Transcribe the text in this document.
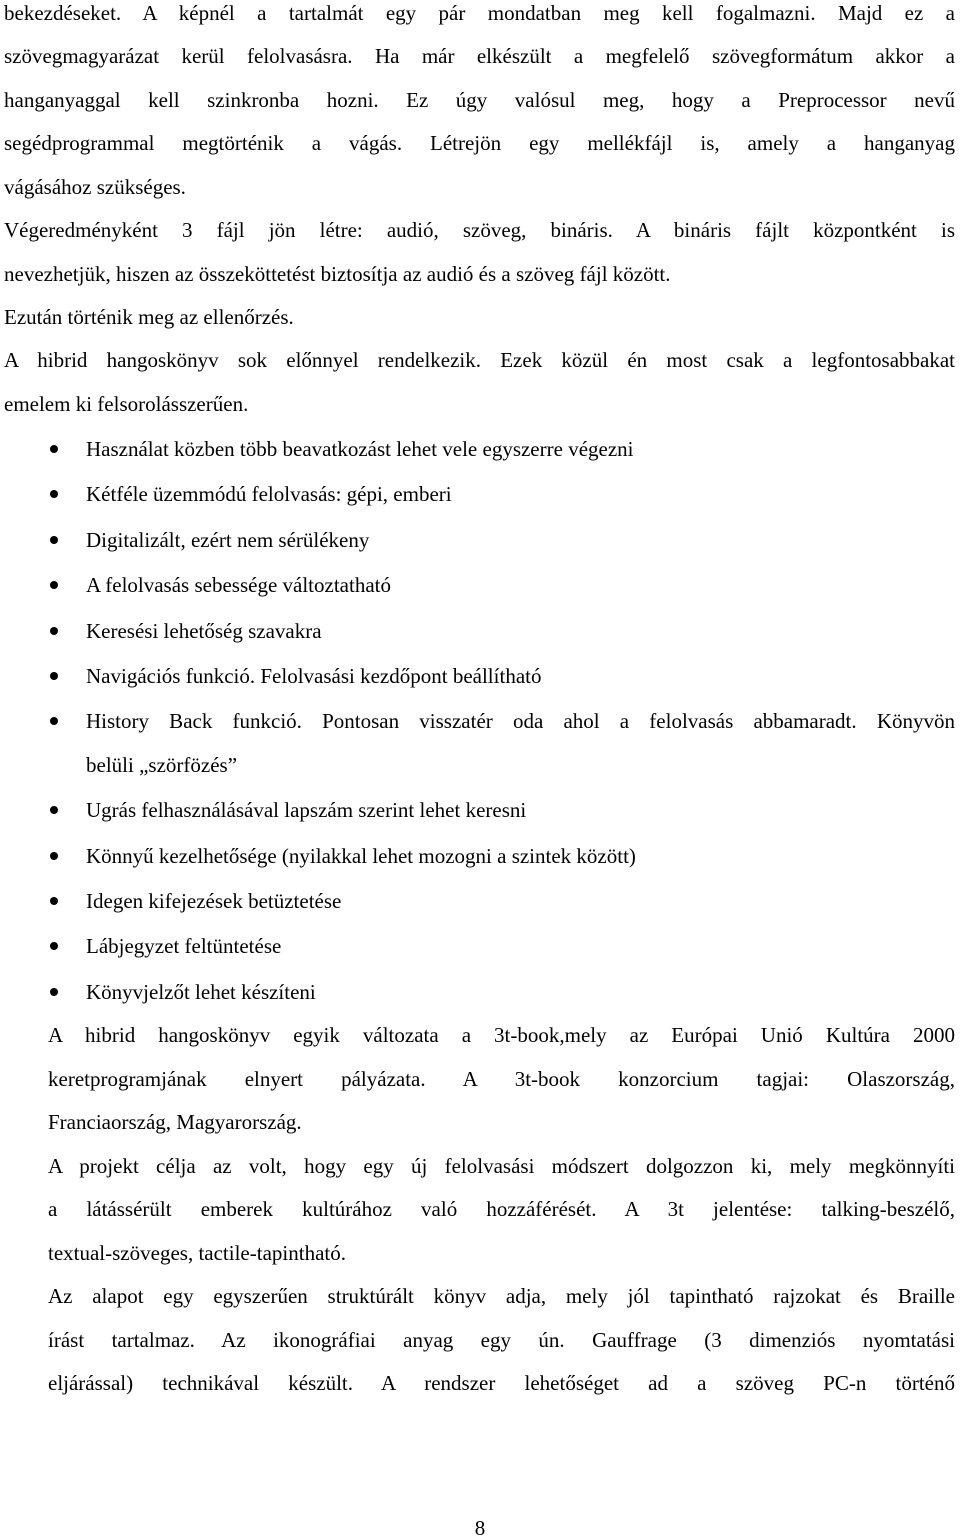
bekezdéseket. A képnél a tartalmát egy pár mondatban meg kell fogalmazni. Majd ez a
szövegmagyarázat kerül felolvasásra. Ha már elkészült a megfelelő szövegformátum akkor a
hanganyaggal kell szinkronba hozni. Ez úgy valósul meg, hogy a Preprocessor nevű
segédprogrammal megtörténik a vágás. Létrejön egy mellékfájl is, amely a hanganyag
vágásához szükséges.
Végeredményként 3 fájl jön létre: audió, szöveg, bináris. A bináris fájlt központként is
nevezhetjük, hiszen az összeköttetést biztosítja az audió és a szöveg fájl között.
Ezután történik meg az ellenőrzés.
A hibrid hangoskönyv sok előnnyel rendelkezik. Ezek közül én most csak a legfontosabbakat
emelem ki felsorolásszerűen.
Használat közben több beavatkozást lehet vele egyszerre végezni
Kétféle üzemmódú felolvasás: gépi, emberi
Digitalizált, ezért nem sérülékeny
A felolvasás sebessége változtatható
Keresési lehetőség szavakra
Navigációs funkció. Felolvasási kezdőpont beállítható
History Back funkció. Pontosan visszatér oda ahol a felolvasás abbamaradt. Könyvön
belüli „szörfözés”
Ugrás felhasználásával lapszám szerint lehet keresni
Könnyű kezelhetősége (nyilakkal lehet mozogni a szintek között)
Idegen kifejezések betüztetése
Lábjegyzet feltüntetése
Könyvjelzőt lehet készíteni
A hibrid hangoskönyv egyik változata a 3t-book,mely az Európai Unió Kultúra 2000
keretprogramjának elnyert pályázata. A 3t-book konzorcium tagjai: Olaszország,
Franciaország, Magyarország.
A projekt célja az volt, hogy egy új felolvasási módszert dolgozzon ki, mely megkönnyíti
a látássérült emberek kultúrához való hozzáférését. A 3t jelentése: talking-beszélő,
textual-szöveges, tactile-tapintható.
Az alapot egy egyszerűen struktúrált könyv adja, mely jól tapintható rajzokat és Braille
írást tartalmaz. Az ikonográfiai anyag egy ún. Gauffrage (3 dimenziós nyomtatási
eljárással) technikával készült. A rendszer lehetőséget ad a szöveg PC-n történő
8
